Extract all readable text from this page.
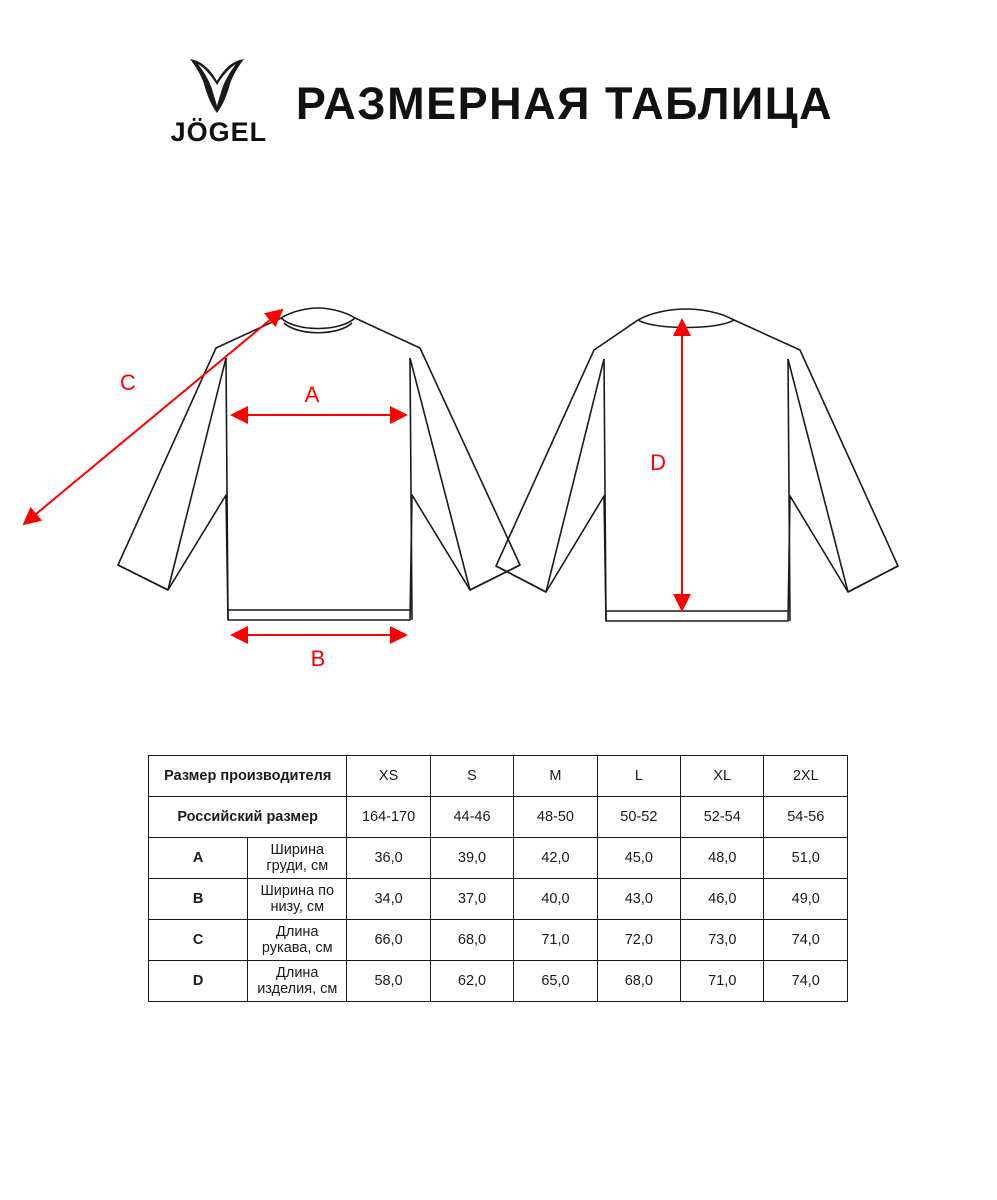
JÖGEL
РАЗМЕРНАЯ ТАБЛИЦА
A
B
C
D
Размер производителя		XS	S	M	L	XL	2XL
Российский размер		164-170	44-46	48-50	50-52	52-54	54-56
A	Ширина груди, см	36,0	39,0	42,0	45,0	48,0	51,0
B	Ширина по низу, см	34,0	37,0	40,0	43,0	46,0	49,0
C	Длина рукава, см	66,0	68,0	71,0	72,0	73,0	74,0
D	Длина изделия, см	58,0	62,0	65,0	68,0	71,0	74,0
